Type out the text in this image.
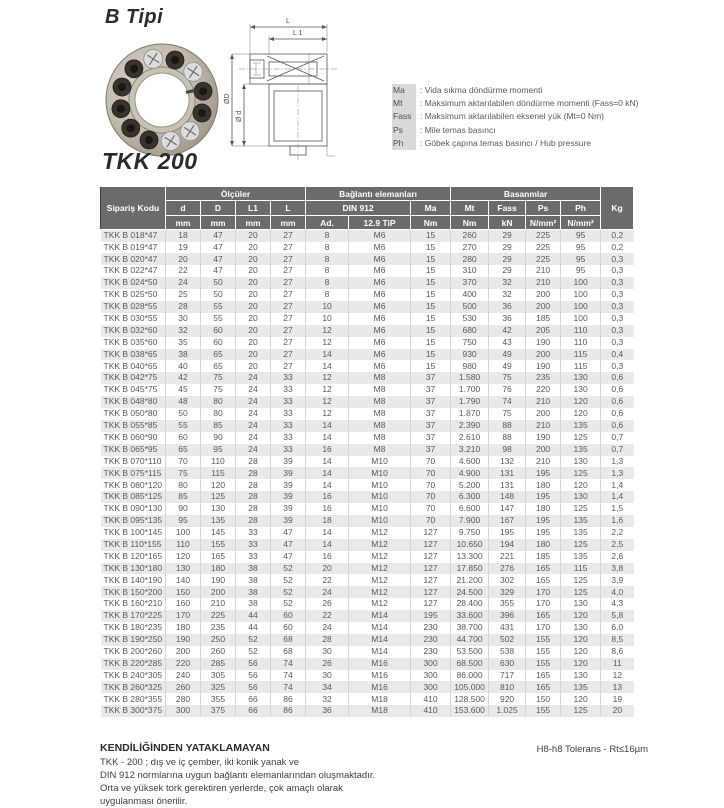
B Tipi
TKK 200
L
L 1
ØD
Ø d
Ma : Vida sıkma döndürme momenti
Mt : Maksimum aktarılabilen döndürme momenti (Fass=0 kN)
Fass : Maksimum aktarılabilen eksenel yük (Mt=0 Nm)
Ps : Mile temas basıncı
Ph : Göbek çapına temas basıncı / Hub pressure
Sipariş Kodu	Ölçüler				Bağlantı elemanları			Basanmlar				Kg
	d	D	L1	L	DIN 912		Ma	Mt	Fass	Ps	Ph	
	mm	mm	mm	mm	Ad.	12.9 TiP	Nm	Nm	kN	N/mm²	N/mm²	
TKK B 018*47	18	47	20	27	8	M6	15	260	29	225	95	0,2
TKK B 019*47	19	47	20	27	8	M6	15	270	29	225	95	0,2
TKK B 020*47	20	47	20	27	8	M6	15	280	29	225	95	0,3
TKK B 022*47	22	47	20	27	8	M6	15	310	29	210	95	0,3
TKK B 024*50	24	50	20	27	8	M6	15	370	32	210	100	0,3
TKK B 025*50	25	50	20	27	8	M6	15	400	32	200	100	0,3
TKK B 028*55	28	55	20	27	10	M6	15	500	36	200	100	0,3
TKK B 030*55	30	55	20	27	10	M6	15	530	36	185	100	0,3
TKK B 032*60	32	60	20	27	12	M6	15	680	42	205	110	0,3
TKK B 035*60	35	60	20	27	12	M6	15	750	43	190	110	0,3
TKK B 038*65	38	65	20	27	14	M6	15	930	49	200	115	0,4
TKK B 040*65	40	65	20	27	14	M6	15	980	49	190	115	0,3
TKK B 042*75	42	75	24	33	12	M8	37	1.580	75	235	130	0,6
TKK B 045*75	45	75	24	33	12	M8	37	1.700	76	220	130	0,6
TKK B 048*80	48	80	24	33	12	M8	37	1.790	74	210	120	0,6
TKK B 050*80	50	80	24	33	12	M8	37	1.870	75	200	120	0,6
TKK B 055*85	55	85	24	33	14	M8	37	2.390	88	210	135	0,6
TKK B 060*90	60	90	24	33	14	M8	37	2.610	88	190	125	0,7
TKK B 065*95	65	95	24	33	16	M8	37	3.210	98	200	135	0,7
TKK B 070*110	70	110	28	39	14	M10	70	4.600	132	210	130	1,3
TKK B 075*115	75	115	28	39	14	M10	70	4.900	131	195	125	1,3
TKK B 080*120	80	120	28	39	14	M10	70	5.200	131	180	120	1,4
TKK B 085*125	85	125	28	39	16	M10	70	6.300	148	195	130	1,4
TKK B 090*130	90	130	28	39	16	M10	70	6.600	147	180	125	1,5
TKK B 095*135	95	135	28	39	18	M10	70	7.900	167	195	135	1,6
TKK B 100*145	100	145	33	47	14	M12	127	9.750	195	195	135	2,2
TKK B 110*155	110	155	33	47	14	M12	127	10.650	194	180	125	2,5
TKK B 120*165	120	165	33	47	16	M12	127	13.300	221	185	135	2,6
TKK B 130*180	130	180	38	52	20	M12	127	17.850	276	165	115	3,8
TKK B 140*190	140	190	38	52	22	M12	127	21.200	302	165	125	3,9
TKK B 150*200	150	200	38	52	24	M12	127	24.500	329	170	125	4,0
TKK B 160*210	160	210	38	52	26	M12	127	28.400	355	170	130	4,3
TKK B 170*225	170	225	44	60	22	M14	195	33.600	396	165	120	5,8
TKK B 180*235	180	235	44	60	24	M14	230	38.700	431	170	130	6,0
TKK B 190*250	190	250	52	68	28	M14	230	44.700	502	155	120	8,5
TKK B 200*260	200	260	52	68	30	M14	230	53.500	538	155	120	8,6
TKK B 220*285	220	285	56	74	26	M16	300	68.500	630	155	120	11
TKK B 240*305	240	305	56	74	30	M16	300	86.000	717	165	130	12
TKK B 260*325	260	325	56	74	34	M16	300	105.000	810	165	135	13
TKK B 280*355	280	355	66	86	32	M18	410	128.500	920	150	120	19
TKK B 300*375	300	375	66	86	36	M18	410	153.600	1.025	155	125	20
KENDİLİĞİNDEN YATAKLAMAYAN
TKK - 200 ; dış ve iç çember, iki konik yanak ve
DIN 912 normlarına uygun bağlantı elemanlarından oluşmaktadır.
Orta ve yüksek tork gerektiren yerlerde, çok amaçlı olarak
uygulanması önerilir.
H8-h8 Tolerans - Rt≤16µm
